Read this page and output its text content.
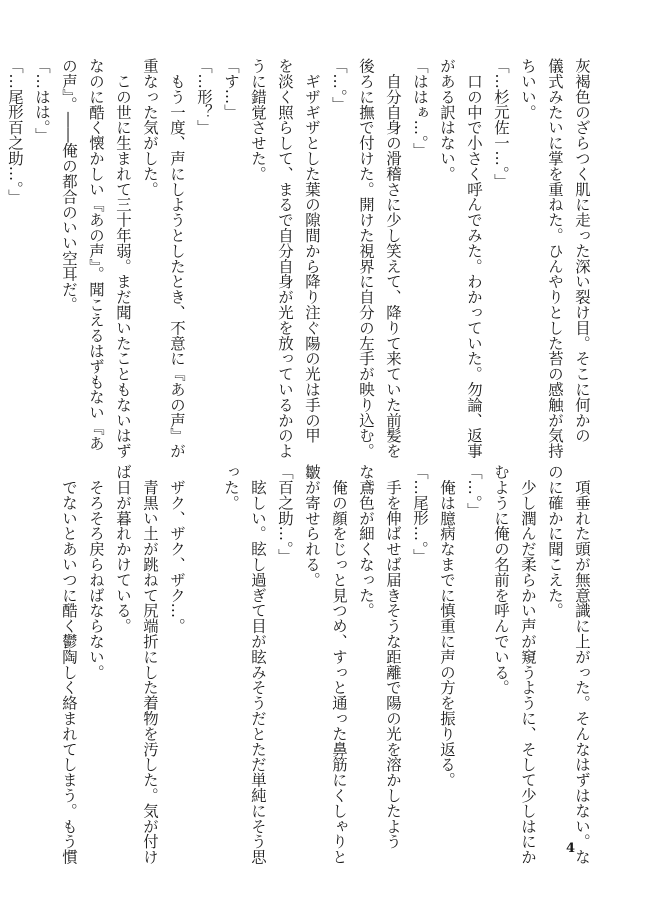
灰褐色のざらつく肌に走った深い裂け目。そこに何かの
儀式みたいに掌を重ねた。ひんやりとした苔の感触が気持
ちいい。
「…杉元佐一…。」
　口の中で小さく呼んでみた。わかっていた。勿論、返事
がある訳はない。
「ははぁ…。」
　自分自身の滑稽さに少し笑えて、降りて来ていた前髪を
後ろに撫で付けた。開けた視界に自分の左手が映り込む。
「…。」
　ギザギザとした葉の隙間から降り注ぐ陽の光は手の甲
を淡く照らして、まるで自分自身が光を放っているかのよ
うに錯覚させた。
「す…」
「…形？」
　もう一度、声にしようとしたとき、不意に『あの声』が
重なった気がした。
　この世に生まれて三十年弱。まだ聞いたこともないはず
なのに酷く懐かしい『あの声』。聞こえるはずもない『あ
の声』。――俺の都合のいい空耳だ。
「…はは。」
「…尾形百之助…。」
　項垂れた頭が無意識に上がった。そんなはずはない。な
のに確かに聞こえた。
　少し潤んだ柔らかい声が窺うように、そして少しはにか
むように俺の名前を呼んでいる。
「…。」
　俺は臆病なまでに慎重に声の方を振り返る。
「…尾形…。」
　手を伸ばせば届きそうな距離で陽の光を溶かしたよう
な鳶色が細くなった。
　俺の顔をじっと見つめ、すっと通った鼻筋にくしゃりと
皺が寄せられる。
「百之助…。」
　眩しい。眩し過ぎて目が眩みそうだとただ単純にそう思
った。

　ザク、ザク、ザク…。
　青黒い土が跳ねて尻端折にした着物を汚した。気が付け
ば日が暮れかけている。
　そろそろ戻らねばならない。
　でないとあいつに酷く鬱陶しく絡まれてしまう。もう慣	4
